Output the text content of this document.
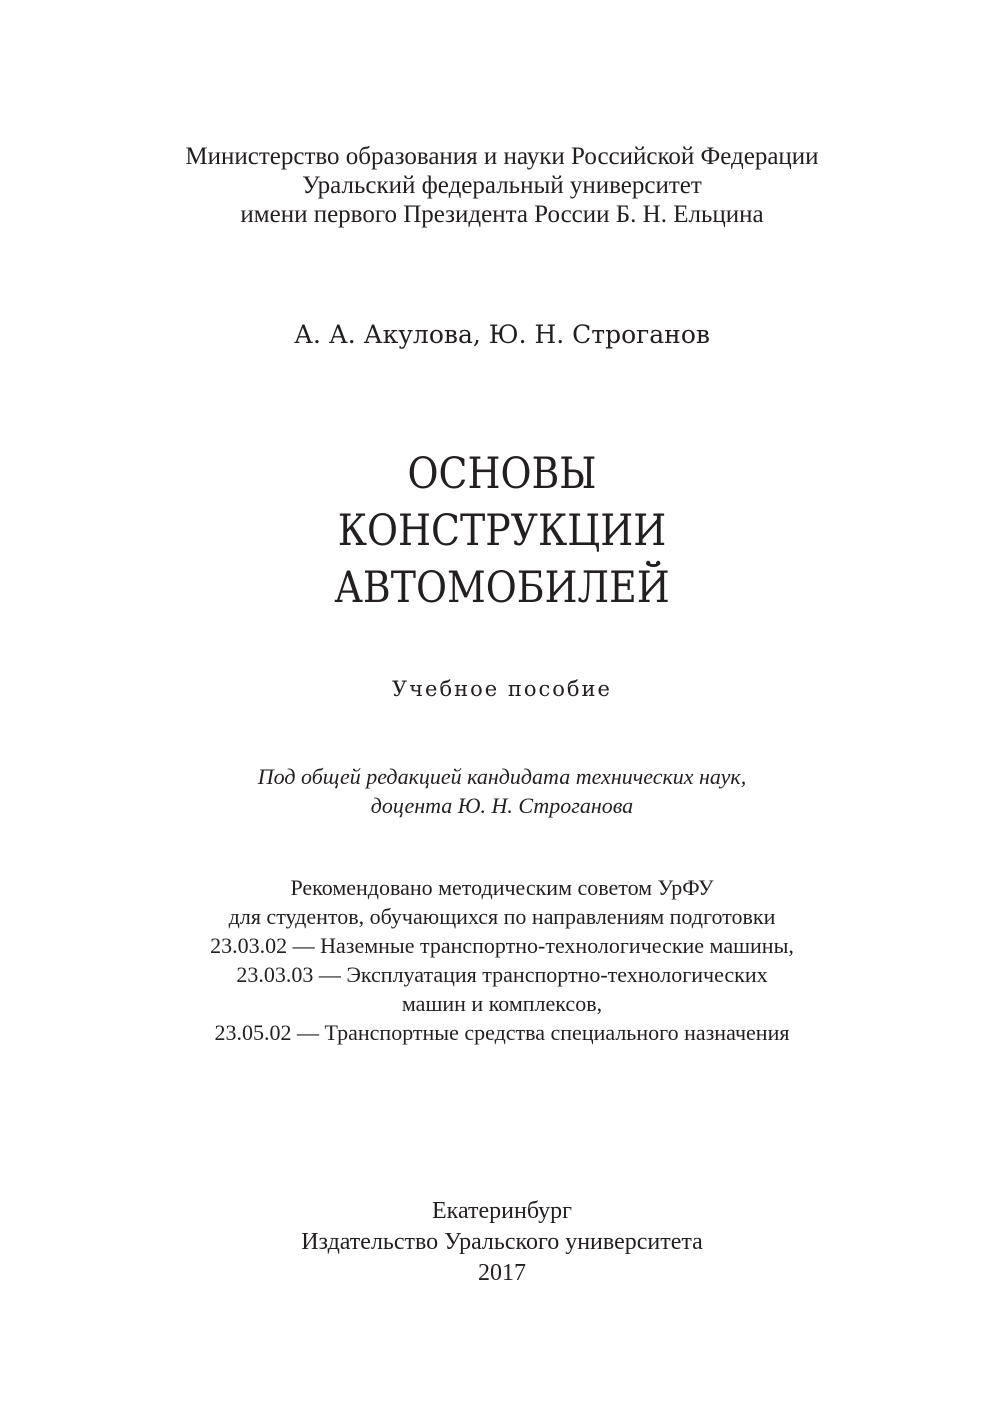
Министерство образования и науки Российской Федерации
Уральский федеральный университет
имени первого Президента России Б. Н. Ельцина
А. А. Акулова, Ю. Н. Строганов
ОСНОВЫ
КОНСТРУКЦИИ
АВТОМОБИЛЕЙ
Учебное пособие
Под общей редакцией кандидата технических наук,
доцента Ю. Н. Строганова
Рекомендовано методическим советом УрФУ
для студентов, обучающихся по направлениям подготовки
23.03.02 — Наземные транспортно-технологические машины,
23.03.03 — Эксплуатация транспортно-технологических
машин и комплексов,
23.05.02 — Транспортные средства специального назначения
Екатеринбург
Издательство Уральского университета
2017
